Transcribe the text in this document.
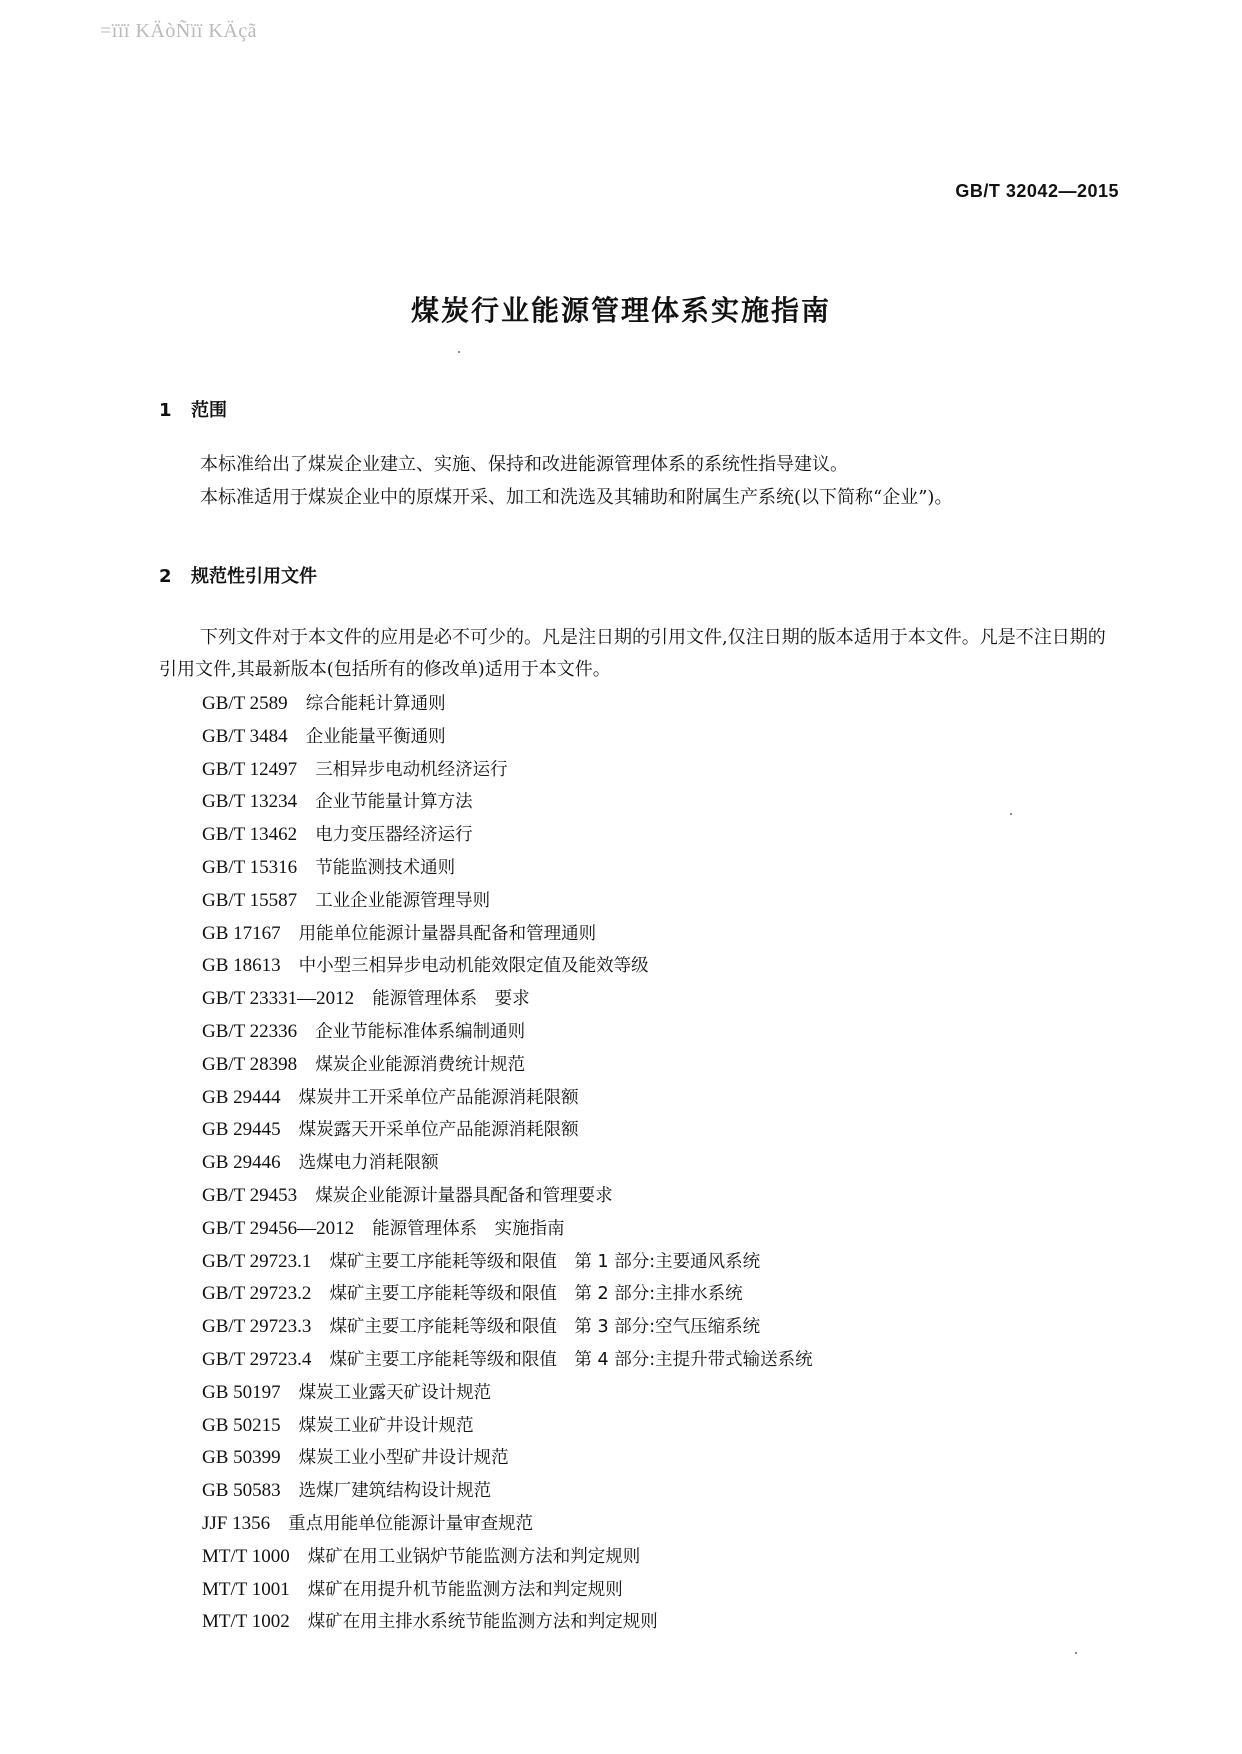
=ïïï KÄòÑïï KÄçã
GB/T 32042—2015
煤炭行业能源管理体系实施指南
1 范围

本标准给出了煤炭企业建立、实施、保持和改进能源管理体系的系统性指导建议。

本标准适用于煤炭企业中的原煤开采、加工和洗选及其辅助和附属生产系统(以下简称“企业”)。

2 规范性引用文件

下列文件对于本文件的应用是必不可少的。凡是注日期的引用文件,仅注日期的版本适用于本文件。凡是不注日期的引用文件,其最新版本(包括所有的修改单)适用于本文件。

GB/T 2589 综合能耗计算通则
GB/T 3484 企业能量平衡通则
GB/T 12497 三相异步电动机经济运行
GB/T 13234 企业节能量计算方法
GB/T 13462 电力变压器经济运行
GB/T 15316 节能监测技术通则
GB/T 15587 工业企业能源管理导则
GB 17167 用能单位能源计量器具配备和管理通则
GB 18613 中小型三相异步电动机能效限定值及能效等级
GB/T 23331—2012 能源管理体系　要求
GB/T 22336 企业节能标准体系编制通则
GB/T 28398 煤炭企业能源消费统计规范
GB 29444 煤炭井工开采单位产品能源消耗限额
GB 29445 煤炭露天开采单位产品能源消耗限额
GB 29446 选煤电力消耗限额
GB/T 29453 煤炭企业能源计量器具配备和管理要求
GB/T 29456—2012 能源管理体系　实施指南
GB/T 29723.1 煤矿主要工序能耗等级和限值　第 1 部分:主要通风系统
GB/T 29723.2 煤矿主要工序能耗等级和限值　第 2 部分:主排水系统
GB/T 29723.3 煤矿主要工序能耗等级和限值　第 3 部分:空气压缩系统
GB/T 29723.4 煤矿主要工序能耗等级和限值　第 4 部分:主提升带式输送系统
GB 50197 煤炭工业露天矿设计规范
GB 50215 煤炭工业矿井设计规范
GB 50399 煤炭工业小型矿井设计规范
GB 50583 选煤厂建筑结构设计规范
JJF 1356 重点用能单位能源计量审查规范
MT/T 1000 煤矿在用工业锅炉节能监测方法和判定规则
MT/T 1001 煤矿在用提升机节能监测方法和判定规则
MT/T 1002 煤矿在用主排水系统节能监测方法和判定规则
